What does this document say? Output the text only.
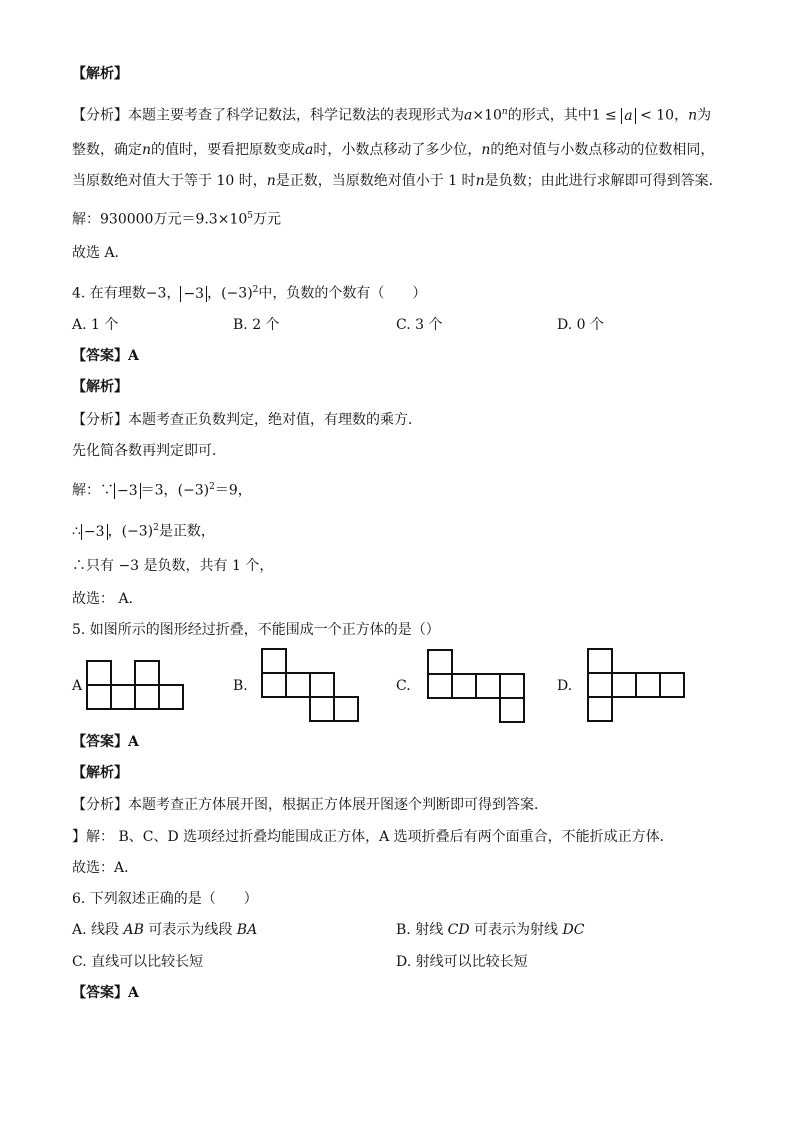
【解析】
【分析】本题主要考查了科学记数法，科学记数法的表现形式为$a\times 10^n$的形式，其中1 ≤ a < 10，n为
整数，确定n的值时，要看把原数变成a时，小数点移动了多少位，n的绝对值与小数点移动的位数相同，
当原数绝对值大于等于 10 时，n是正数，当原数绝对值小于 1 时n是负数；由此进行求解即可得到答案．
解：930000万元$=9.3\times 10^5$万元
故选 A．
4. 在有理数−3， −3 ，$(-3)^2$中，负数的个数有（　　）
A. 1 个	B. 2 个	C. 3 个	D. 0 个
【答案】A
【解析】
【分析】本题考查正负数判定，绝对值，有理数的乘方．
先化简各数再判定即可．
解：∵ −3 ＝3，$(-3)^2=9$，
∴ −3 ，$(-3)^2$是正数，
∴只有 −3 是负数，共有 1 个，
故选： A．
5. 如图所示的图形经过折叠，不能围成一个正方体的是（）
A	B.	C.	D.
【答案】A
【解析】
【分析】本题考查正方体展开图，根据正方体展开图逐个判断即可得到答案．
】解： B、C、D 选项经过折叠均能围成正方体，A 选项折叠后有两个面重合，不能折成正方体．
故选：A．
6. 下列叙述正确的是（　　）
A. 线段 AB 可表示为线段 BA	B. 射线 CD 可表示为射线 DC
C. 直线可以比较长短	D. 射线可以比较长短
【答案】A
